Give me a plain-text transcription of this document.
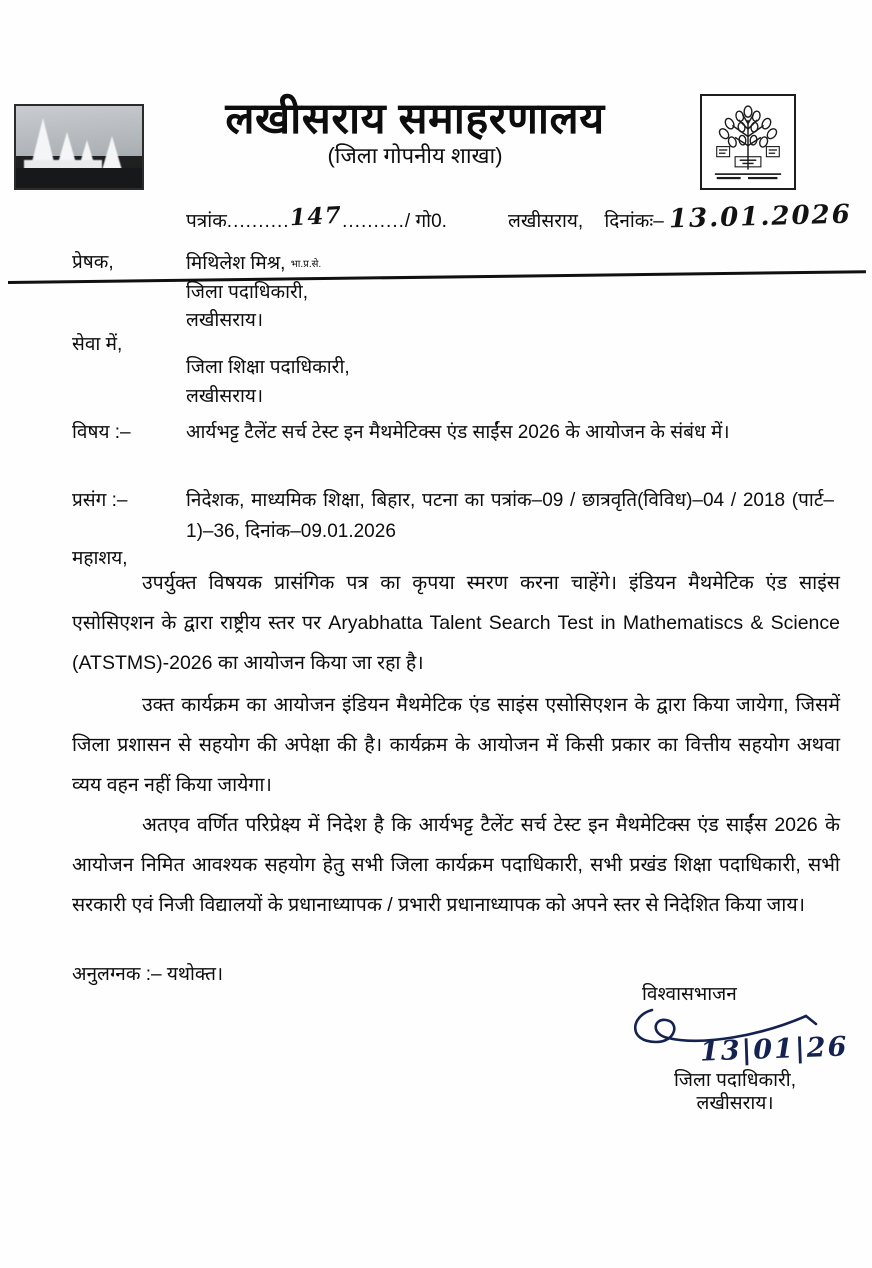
लखीसराय समाहरणालय
(जिला गोपनीय शाखा)
पत्रांक..........147........../ गो0.	लखीसराय, दिनांकः– 13.01.2026
प्रेषक,	मिथिलेश मिश्र, $^{भा.प्र.से.}$
जिला पदाधिकारी,
लखीसराय।
सेवा में,
जिला शिक्षा पदाधिकारी,
लखीसराय।
विषय :–	आर्यभट्ट टैलेंट सर्च टेस्ट इन मैथमेटिक्स एंड साईंस 2026 के आयोजन के संबंध में।
प्रसंग :–	निदेशक, माध्यमिक शिक्षा, बिहार, पटना का पत्रांक–09 / छात्रवृति(विविध)–04 / 2018 (पार्ट–1)–36, दिनांक–09.01.2026
महाशय,
उपर्युक्त विषयक प्रासंगिक पत्र का कृपया स्मरण करना चाहेंगे। इंडियन मैथमेटिक एंड साइंस एसोसिएशन के द्वारा राष्ट्रीय स्तर पर Aryabhatta Talent Search Test in Mathematiscs & Science (ATSTMS)-2026 का आयोजन किया जा रहा है।
उक्त कार्यक्रम का आयोजन इंडियन मैथमेटिक एंड साइंस एसोसिएशन के द्वारा किया जायेगा, जिसमें जिला प्रशासन से सहयोग की अपेक्षा की है। कार्यक्रम के आयोजन में किसी प्रकार का वित्तीय सहयोग अथवा व्यय वहन नहीं किया जायेगा।
अतएव वर्णित परिप्रेक्ष्य में निदेश है कि आर्यभट्ट टैलेंट सर्च टेस्ट इन मैथमेटिक्स एंड साईंस 2026 के आयोजन निमित आवश्यक सहयोग हेतु सभी जिला कार्यक्रम पदाधिकारी, सभी प्रखंड शिक्षा पदाधिकारी, सभी सरकारी एवं निजी विद्यालयों के प्रधानाध्यापक / प्रभारी प्रधानाध्यापक को अपने स्तर से निदेशित किया जाय।
अनुलग्नक :– यथोक्त।
विश्वासभाजन
13|01|26
जिला पदाधिकारी,
लखीसराय।
